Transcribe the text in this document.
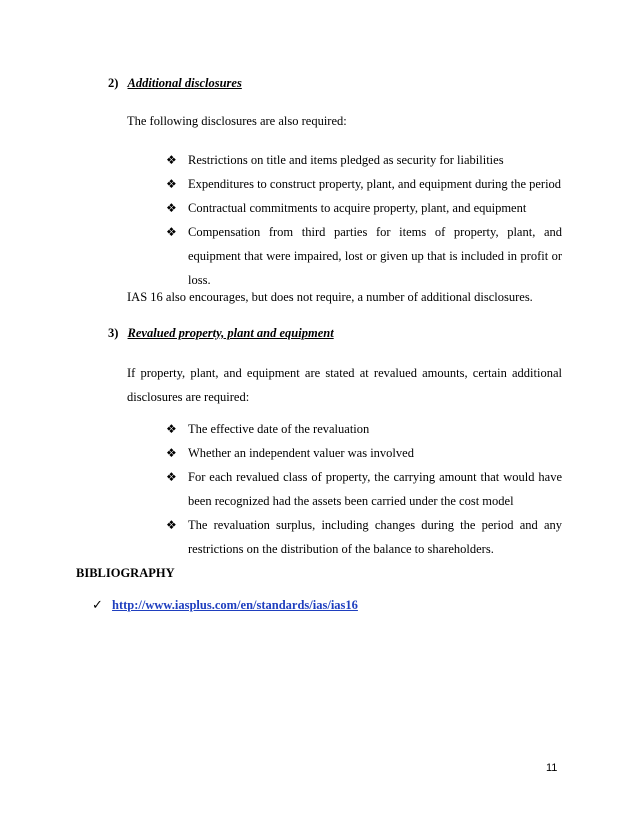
2) Additional disclosures
The following disclosures are also required:
❖ Restrictions on title and items pledged as security for liabilities
❖ Expenditures to construct property, plant, and equipment during the period
❖ Contractual commitments to acquire property, plant, and equipment
❖ Compensation from third parties for items of property, plant, and equipment that were impaired, lost or given up that is included in profit or loss.
IAS 16 also encourages, but does not require, a number of additional disclosures.
3) Revalued property, plant and equipment
If property, plant, and equipment are stated at revalued amounts, certain additional disclosures are required:
❖ The effective date of the revaluation
❖ Whether an independent valuer was involved
❖ For each revalued class of property, the carrying amount that would have been recognized had the assets been carried under the cost model
❖ The revaluation surplus, including changes during the period and any restrictions on the distribution of the balance to shareholders.
BIBLIOGRAPHY
✓ http://www.iasplus.com/en/standards/ias/ias16
11
